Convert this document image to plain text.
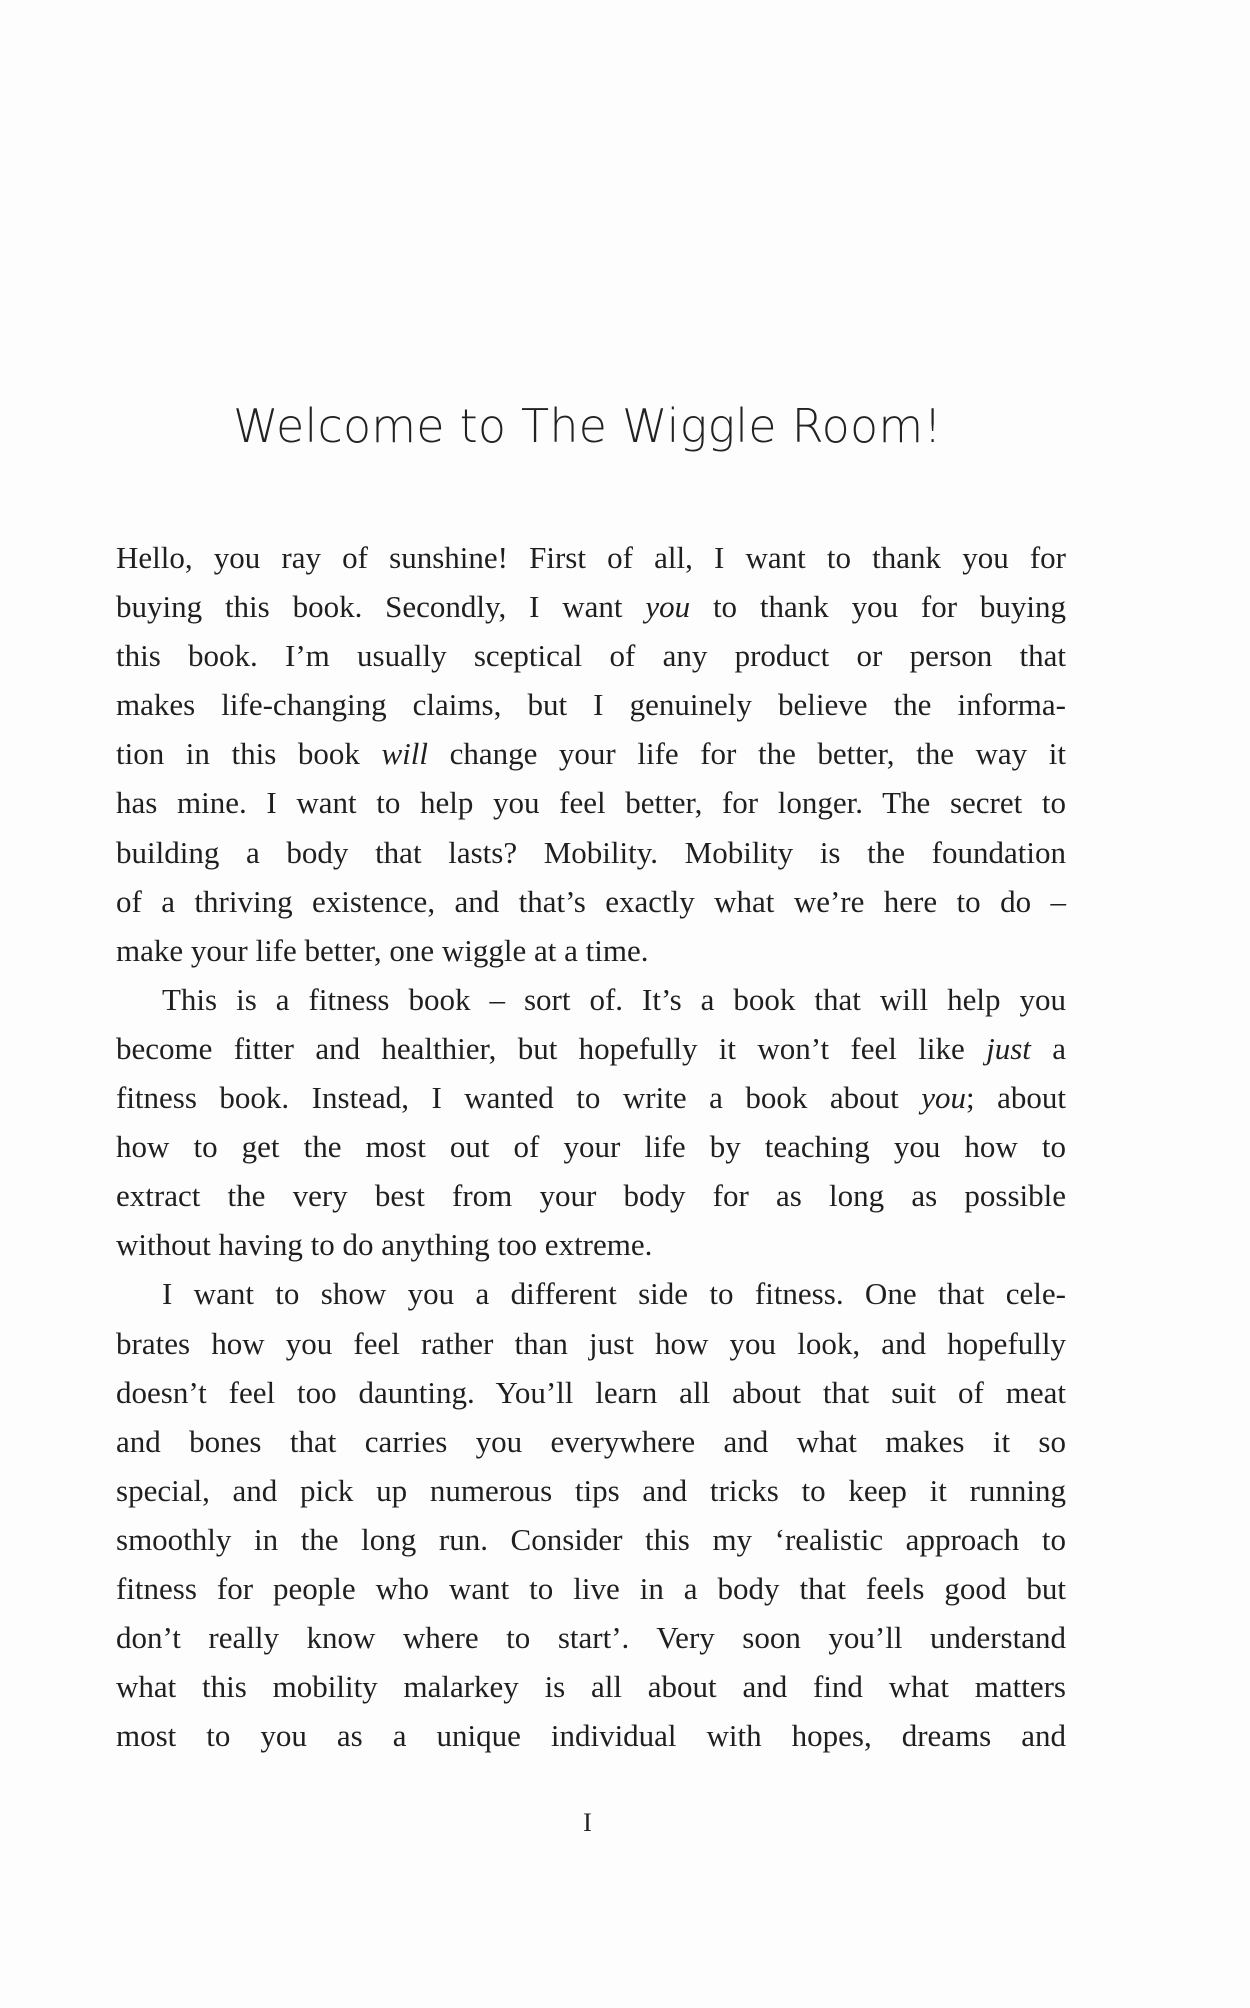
Welcome to The Wiggle Room!
Hello, you ray of sunshine! First of all, I want to thank you for
buying this book. Secondly, I want you to thank you for buying
this book. I’m usually sceptical of any product or person that
makes life-changing claims, but I genuinely believe the informa-
tion in this book will change your life for the better, the way it
has mine. I want to help you feel better, for longer. The secret to
building a body that lasts? Mobility. Mobility is the foundation
of a thriving existence, and that’s exactly what we’re here to do –
make your life better, one wiggle at a time.
This is a fitness book – sort of. It’s a book that will help you
become fitter and healthier, but hopefully it won’t feel like just a
fitness book. Instead, I wanted to write a book about you; about
how to get the most out of your life by teaching you how to
extract the very best from your body for as long as possible
without having to do anything too extreme.
I want to show you a different side to fitness. One that cele-
brates how you feel rather than just how you look, and hopefully
doesn’t feel too daunting. You’ll learn all about that suit of meat
and bones that carries you everywhere and what makes it so
special, and pick up numerous tips and tricks to keep it running
smoothly in the long run. Consider this my ‘realistic approach to
fitness for people who want to live in a body that feels good but
don’t really know where to start’. Very soon you’ll understand
what this mobility malarkey is all about and find what matters
most to you as a unique individual with hopes, dreams and
I
